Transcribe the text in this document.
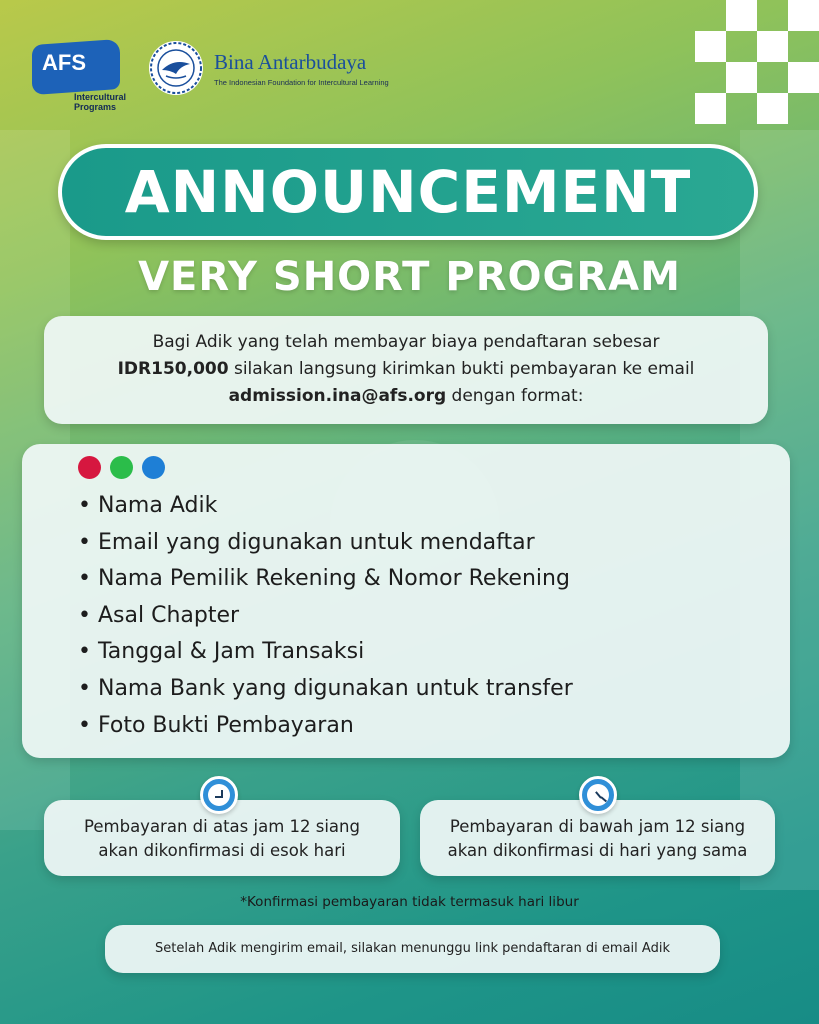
AFS
Intercultural
Programs
Bina Antarbudaya
The Indonesian Foundation for Intercultural Learning
ANNOUNCEMENT
VERY SHORT PROGRAM
Bagi Adik yang telah membayar biaya pendaftaran sebesar
IDR150,000 silakan langsung kirimkan bukti pembayaran ke email
admission.ina@afs.org dengan format:
• Nama Adik
• Email yang digunakan untuk mendaftar
• Nama Pemilik Rekening & Nomor Rekening
• Asal Chapter
• Tanggal & Jam Transaksi
• Nama Bank yang digunakan untuk transfer
• Foto Bukti Pembayaran
Pembayaran di atas jam 12 siang
akan dikonfirmasi di esok hari
Pembayaran di bawah jam 12 siang
akan dikonfirmasi di hari yang sama
*Konfirmasi pembayaran tidak termasuk hari libur
Setelah Adik mengirim email, silakan menunggu link pendaftaran di email Adik
